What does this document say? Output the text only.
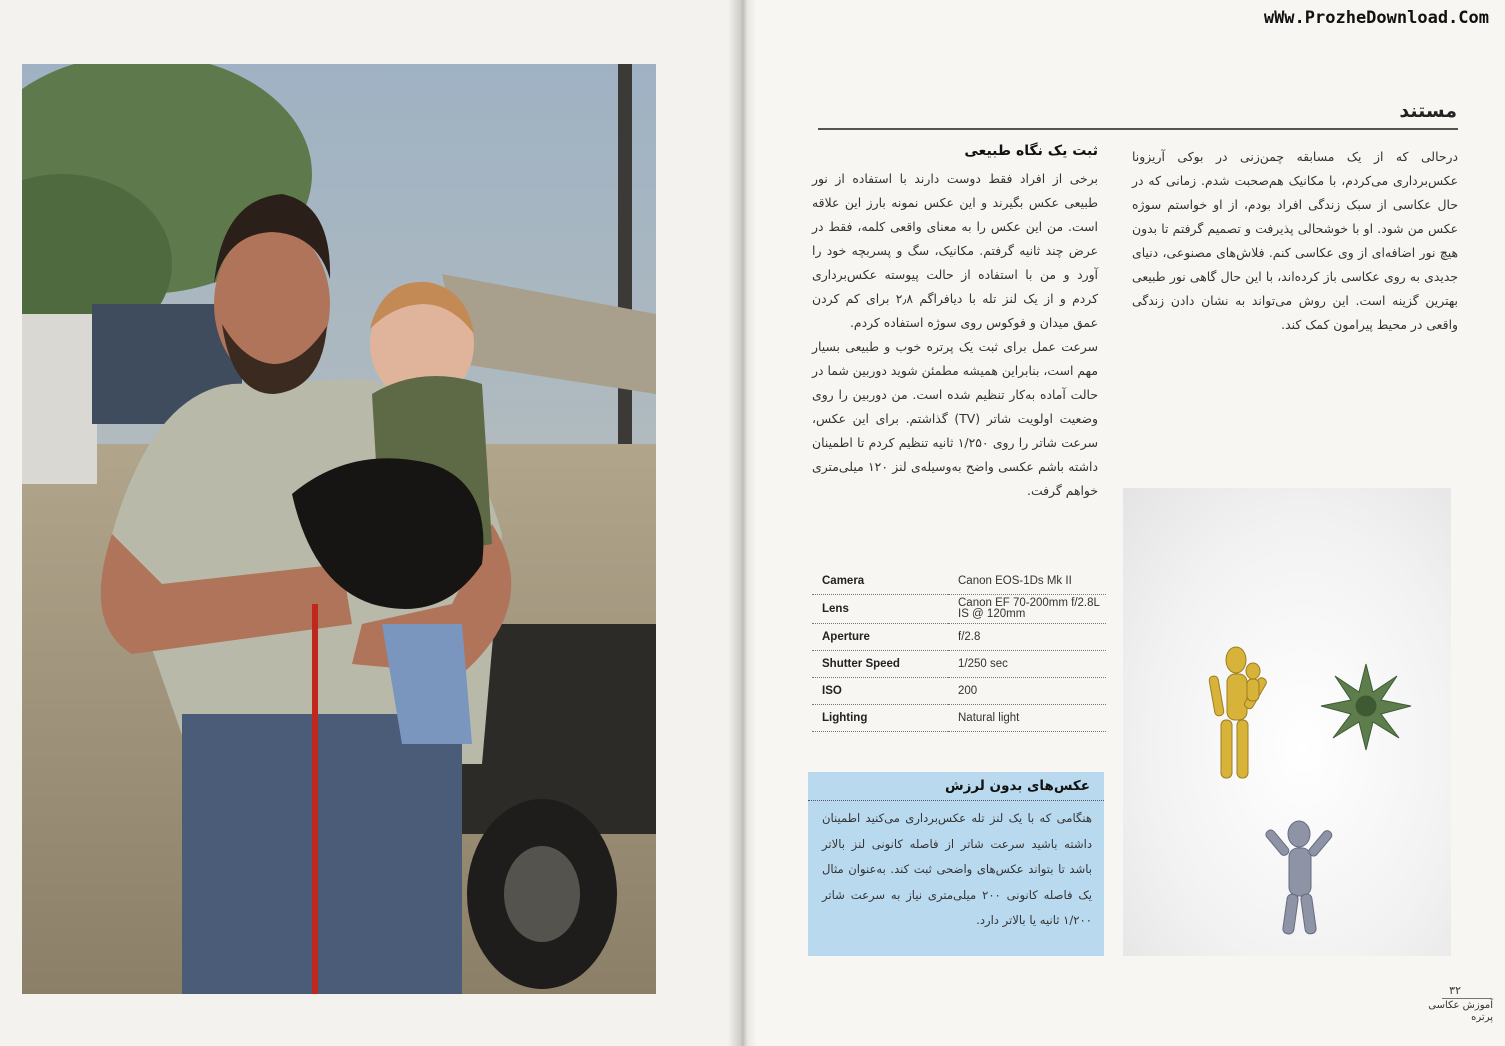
wWw.ProzheDownload.Com
مستند
درحالی که از یک مسابقه چمن‌زنی در بوکی آریزونا عکس‌برداری می‌کردم، با مکانیک هم‌صحبت شدم. زمانی که در حال عکاسی از سبک زندگی افراد بودم، از او خواستم سوژه عکس من شود. او با خوشحالی پذیرفت و تصمیم گرفتم تا بدون هیچ نور اضافه‌ای از وی عکاسی کنم. فلاش‌های مصنوعی، دنیای جدیدی به روی عکاسی باز کرده‌اند، با این حال گاهی نور طبیعی بهترین گزینه است. این روش می‌تواند به نشان دادن زندگی واقعی در محیط پیرامون کمک کند.
ثبت یک نگاه طبیعی

برخی از افراد فقط دوست دارند با استفاده از نور طبیعی عکس بگیرند و این عکس نمونه بارز این علاقه است. من این عکس را به معنای واقعی کلمه، فقط در عرض چند ثانیه گرفتم. مکانیک، سگ و پسربچه خود را آورد و من با استفاده از حالت پیوسته عکس‌برداری کردم و از یک لنز تله با دیافراگم ۲٫۸ برای کم کردن عمق میدان و فوکوس روی سوژه استفاده کردم.

سرعت عمل برای ثبت یک پرتره خوب و طبیعی بسیار مهم است، بنابراین همیشه مطمئن شوید دوربین شما در حالت آماده به‌کار تنظیم شده است. من دوربین را روی وضعیت اولویت شاتر (TV) گذاشتم. برای این عکس، سرعت شاتر را روی ۱/۲۵۰ ثانیه تنظیم کردم تا اطمینان داشته باشم عکسی واضح به‌وسیله‌ی لنز ۱۲۰ میلی‌متری خواهم گرفت.

Camera	Canon EOS-1Ds Mk II
Lens	Canon EF 70-200mm f/2.8L IS @ 120mm
Aperture	f/2.8
Shutter Speed	1/250 sec
ISO	200
Lighting	Natural light
عکس‌های بدون لرزش
هنگامی که با یک لنز تله عکس‌برداری می‌کنید اطمینان داشته باشید سرعت شاتر از فاصله کانونی لنز بالاتر باشد تا بتواند عکس‌های واضحی ثبت کند. به‌عنوان مثال یک فاصله کانونی ۲۰۰ میلی‌متری نیاز به سرعت شاتر ۱/۲۰۰ ثانیه یا بالاتر دارد.
۳۲
آموزش عکاسی پرتره
